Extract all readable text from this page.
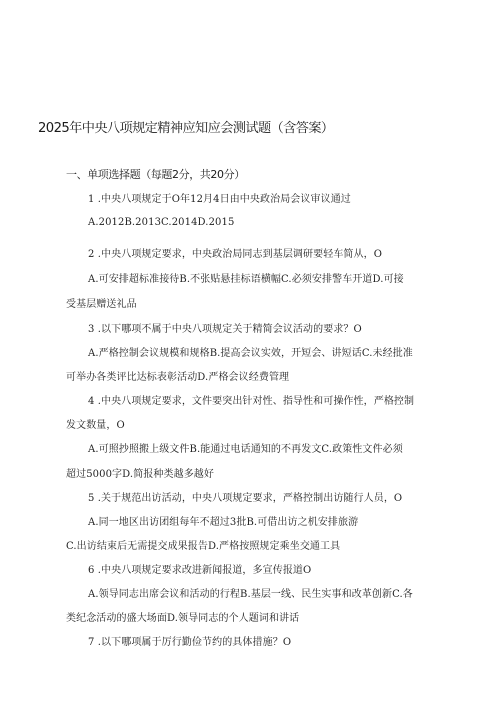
2025年中央八项规定精神应知应会测试题（含答案）
一、单项选择题（每题2分，共20分）
1 .中央八项规定于O年12月4日由中央政治局会议审议通过
A.2012B.2013C.2014D.2015
2 .中央八项规定要求，中央政治局同志到基层调研要轻车简从，O
A.可安排超标准接待B.不张贴悬挂标语横幅C.必须安排警车开道D.可接
受基层赠送礼品
3 .以下哪项不属于中央八项规定关于精简会议活动的要求？O
A.严格控制会议规模和规格B.提高会议实效，开短会、讲短话C.未经批准
可举办各类评比达标表彰活动D.严格会议经费管理
4 .中央八项规定要求，文件要突出针对性、指导性和可操作性，严格控制
发文数量，O
A.可照抄照搬上级文件B.能通过电话通知的不再发文C.政策性文件必须
超过5000字D.简报种类越多越好
5 .关于规范出访活动，中央八项规定要求，严格控制出访随行人员，O
A.同一地区出访团组每年不超过3批B.可借出访之机安排旅游
C.出访结束后无需提交成果报告D.严格按照规定乘坐交通工具
6 .中央八项规定要求改进新闻报道，多宣传报道O
A.领导同志出席会议和活动的行程B.基层一线、民生实事和改革创新C.各
类纪念活动的盛大场面D.领导同志的个人题词和讲话
7 .以下哪项属于厉行勤俭节约的具体措施？O
